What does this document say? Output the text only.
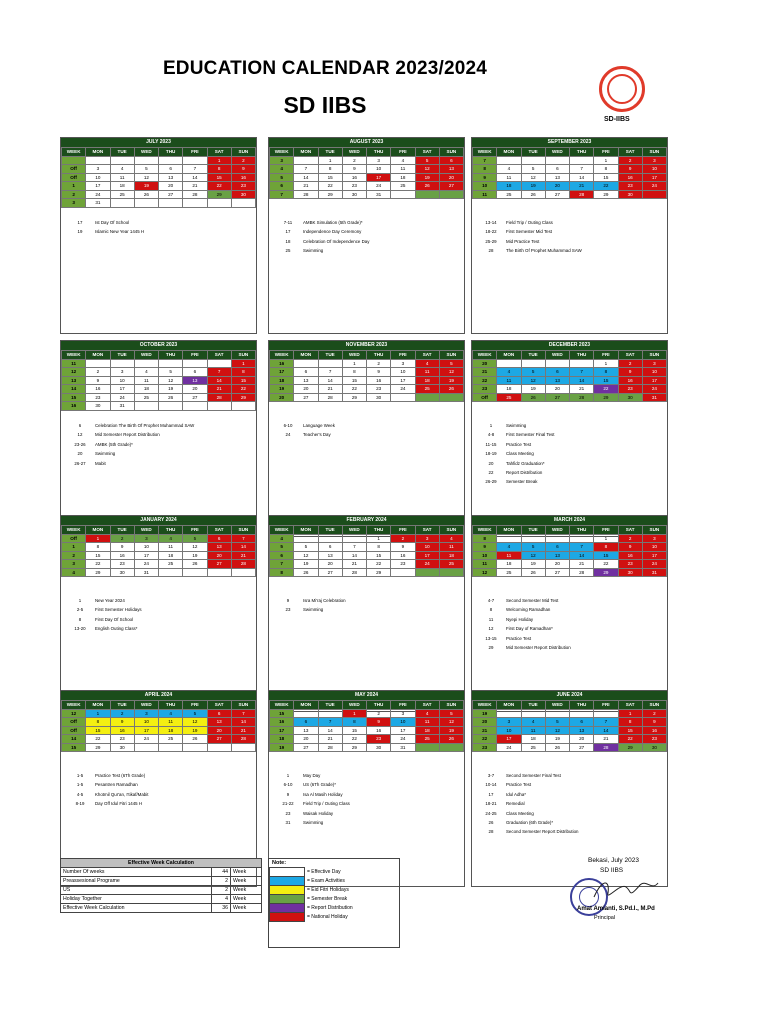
EDUCATION CALENDAR 2023/2024
SD IIBS
SD-IIBS
JULY 2023
WEEK	MON	TUE	WED	THU	FRI	SAT	SUN
						1	2
Off	3	4	5	6	7	8	9
Off	10	11	12	13	14	15	16
1	17	18	19	20	21	22	23
2	24	25	26	27	28	29	30
3	31						
17	Ist Day Of School
19	Islamic New Year 1445 H
AUGUST 2023
WEEK	MON	TUE	WED	THU	FRI	SAT	SUN
3		1	2	3	4	5	6
4	7	8	9	10	11	12	13
5	14	15	16	17	18	19	20
6	21	22	23	24	25	26	27
7	28	29	30	31			
7-11	AMBK Simulation (5th Grade)*
17	Independence Day Ceremony
18	Celebration Of Independence Day
25	Swimming
SEPTEMBER 2023
WEEK	MON	TUE	WED	THU	FRI	SAT	SUN
7					1	2	3
8	4	5	6	7	8	9	10
9	11	12	13	14	15	16	17
10	18	19	20	21	22	23	24
11	25	26	27	28	29	30	
13-14	Field Trip / Outing Class
18-22	First Semester Mid Test
25-29	Mid Practice Test
28	The Birth Of Prophet Muhammad SAW
OCTOBER 2023
WEEK	MON	TUE	WED	THU	FRI	SAT	SUN
11							1
12	2	3	4	5	6	7	8
13	9	10	11	12	13	14	15
14	16	17	18	19	20	21	22
15	23	24	25	26	27	28	29
16	30	31					
6	Celebration The Birth Of Prophet Muhammad SAW
12	Mid Semester Report Distribution
23-26	AMBK (5th Grade)*
20	Swimming
26-27	Mabit
NOVEMBER 2023
WEEK	MON	TUE	WED	THU	FRI	SAT	SUN
16			1	2	3	4	5
17	6	7	8	9	10	11	12
18	13	14	15	16	17	18	19
19	20	21	22	23	24	25	26
20	27	28	29	30			
6-10	Language Week
24	Teacher's Day
DECEMBER 2023
WEEK	MON	TUE	WED	THU	FRI	SAT	SUN
20					1	2	3
21	4	5	6	7	8	9	10
22	11	12	13	14	15	16	17
23	18	19	20	21	22	23	24
Off	25	26	27	28	29	30	31
1	Swimming
4-8	First Semester Final Test
11-15	Practice Test
18-19	Class Meeting
20	Tahfidz Graduation*
22	Report Distribution
26-29	Semester Break
JANUARY 2024
WEEK	MON	TUE	WED	THU	FRI	SAT	SUN
Off	1	2	3	4	5	6	7
1	8	9	10	11	12	13	14
2	15	16	17	18	19	20	21
3	22	23	24	25	26	27	28
4	29	30	31				
1	New Year 2024
2-5	First Semester Holidays
8	First Day Of School
13-20	English Outing Class*
FEBRUARY 2024
WEEK	MON	TUE	WED	THU	FRI	SAT	SUN
4				1	2	3	4
5	5	6	7	8	9	10	11
6	12	13	14	15	16	17	18
7	19	20	21	22	23	24	25
8	26	27	28	29			
9	Isra Mi'raj Celebration
23	Swimming
MARCH 2024
WEEK	MON	TUE	WED	THU	FRI	SAT	SUN
8					1	2	3
9	4	5	6	7	8	9	10
10	11	12	13	14	15	16	17
11	18	19	20	21	22	23	24
12	25	26	27	28	29	30	31
4-7	Second Semester Mid Test
8	Welcoming Ramadhan
11	Nyepi Holiday
12	First Day of Ramadhan*
13-15	Practice Test
29	Mid Semester Report Distribution
APRIL 2024
WEEK	MON	TUE	WED	THU	FRI	SAT	SUN
12	1	2	3	4	5	6	7
Off	8	9	10	11	12	13	14
Off	15	16	17	18	19	20	21
14	22	23	24	25	26	27	28
15	29	30					
1-5	Practice Test (6Th Grade)
1-5	Pesantren Ramadhan
4-5	Khotmil Qur'an, I'tikaf/Mabit
8-19	Day Off Idul Fitri 1445 H
MAY 2024
WEEK	MON	TUE	WED	THU	FRI	SAT	SUN
15			1	2	3	4	5
16	6	7	8	9	10	11	12
17	13	14	15	16	17	18	19
18	20	21	22	23	24	25	26
19	27	28	29	30	31		
1	May Day
6-10	US (6Th Grade)*
9	Isa Al Masih Holiday
21-22	Field Trip / Outing Class
23	Waisak Holiday
31	Swimming
JUNE 2024
WEEK	MON	TUE	WED	THU	FRI	SAT	SUN
19						1	2
20	3	4	5	6	7	8	9
21	10	11	12	13	14	15	16
22	17	18	19	20	21	22	23
23	24	25	26	27	28	29	30
3-7	Second Semester Final Test
10-14	Practice Test
17	Idul Adha*
18-21	Remedial
24-25	Class Meeting
26	Graduation (6th Grade)*
28	Second Semester Report Distribution
Effective Week Calculation		
Number Of weeks	44	Week
Preassesional Programe	2	Week
US	2	Week
Holiday Together	4	Week
Effective Week Calculation	36	Week
Note:
= Effective Day
= Exam Activities
= Eid Fitri Holidays
= Semester Break
= Report Distribution
= National Holiday
Bekasi, July 2023
SD IIBS
Amat Amianti, S.Pd.I., M.Pd
Principal
